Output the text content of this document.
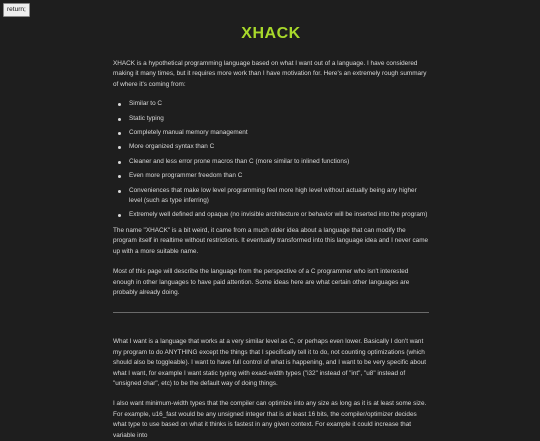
return;
XHACK

XHACK is a hypothetical programming language based on what I want out of a language. I have considered making it many times, but it requires more work than I have motivation for. Here's an extremely rough summary of where it's coming from:

Similar to C
Static typing
Completely manual memory management
More organized syntax than C
Cleaner and less error prone macros than C (more similar to inlined functions)
Even more programmer freedom than C
Conveniences that make low level programming feel more high level without actually being any higher level (such as type inferring)
Extremely well defined and opaque (no invisible architecture or behavior will be inserted into the program)

The name "XHACK" is a bit weird, it came from a much older idea about a language that can modify the program itself in realtime without restrictions. It eventually transformed into this language idea and I never came up with a more suitable name.

Most of this page will describe the language from the perspective of a C programmer who isn't interested enough in other languages to have paid attention. Some ideas here are what certain other languages are probably already doing.

What I want is a language that works at a very similar level as C, or perhaps even lower. Basically I don't want my program to do ANYTHING except the things that I specifically tell it to do, not counting optimizations (which should also be toggleable). I want to have full control of what is happening, and I want to be very specific about what I want, for example I want static typing with exact-width types ("i32" instead of "int", "u8" instead of "unsigned char", etc) to be the default way of doing things.

I also want minimum-width types that the compiler can optimize into any size as long as it is at least some size. For example, u16_fast would be any unsigned integer that is at least 16 bits, the compiler/optimizer decides what type to use based on what it thinks is fastest in any given context. For example it could increase that variable into
